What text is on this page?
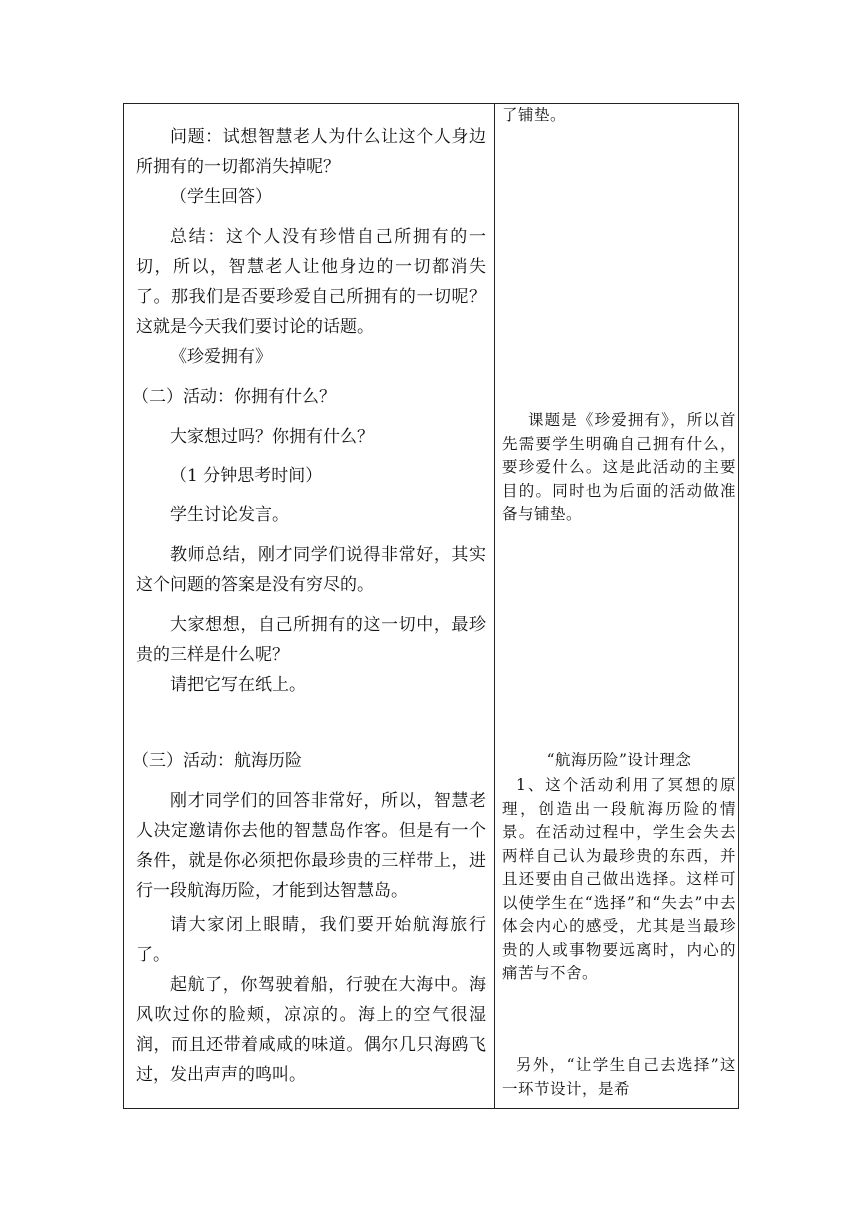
问题：试想智慧老人为什么让这个人身边所拥有的一切都消失掉呢？

（学生回答）

总结：这个人没有珍惜自己所拥有的一切，所以，智慧老人让他身边的一切都消失了。那我们是否要珍爱自己所拥有的一切呢？这就是今天我们要讨论的话题。

《珍爱拥有》

（二）活动：你拥有什么？

大家想过吗？你拥有什么？

（1 分钟思考时间）

学生讨论发言。

教师总结，刚才同学们说得非常好，其实这个问题的答案是没有穷尽的。

大家想想，自己所拥有的这一切中，最珍贵的三样是什么呢？

请把它写在纸上。

（三）活动：航海历险

刚才同学们的回答非常好，所以，智慧老人决定邀请你去他的智慧岛作客。但是有一个条件，就是你必须把你最珍贵的三样带上，进行一段航海历险，才能到达智慧岛。

请大家闭上眼睛，我们要开始航海旅行了。

起航了，你驾驶着船，行驶在大海中。海风吹过你的脸颊，凉凉的。海上的空气很湿润，而且还带着咸咸的味道。偶尔几只海鸥飞过，发出声声的鸣叫。

了铺垫。

课题是《珍爱拥有》，所以首先需要学生明确自己拥有什么，要珍爱什么。这是此活动的主要目的。同时也为后面的活动做准备与铺垫。

“航海历险”设计理念

1、这个活动利用了冥想的原理，创造出一段航海历险的情景。在活动过程中，学生会失去两样自己认为最珍贵的东西，并且还要由自己做出选择。这样可以使学生在“选择”和“失去”中去体会内心的感受，尤其是当最珍贵的人或事物要远离时，内心的痛苦与不舍。

另外，“让学生自己去选择”这一环节设计，是希
